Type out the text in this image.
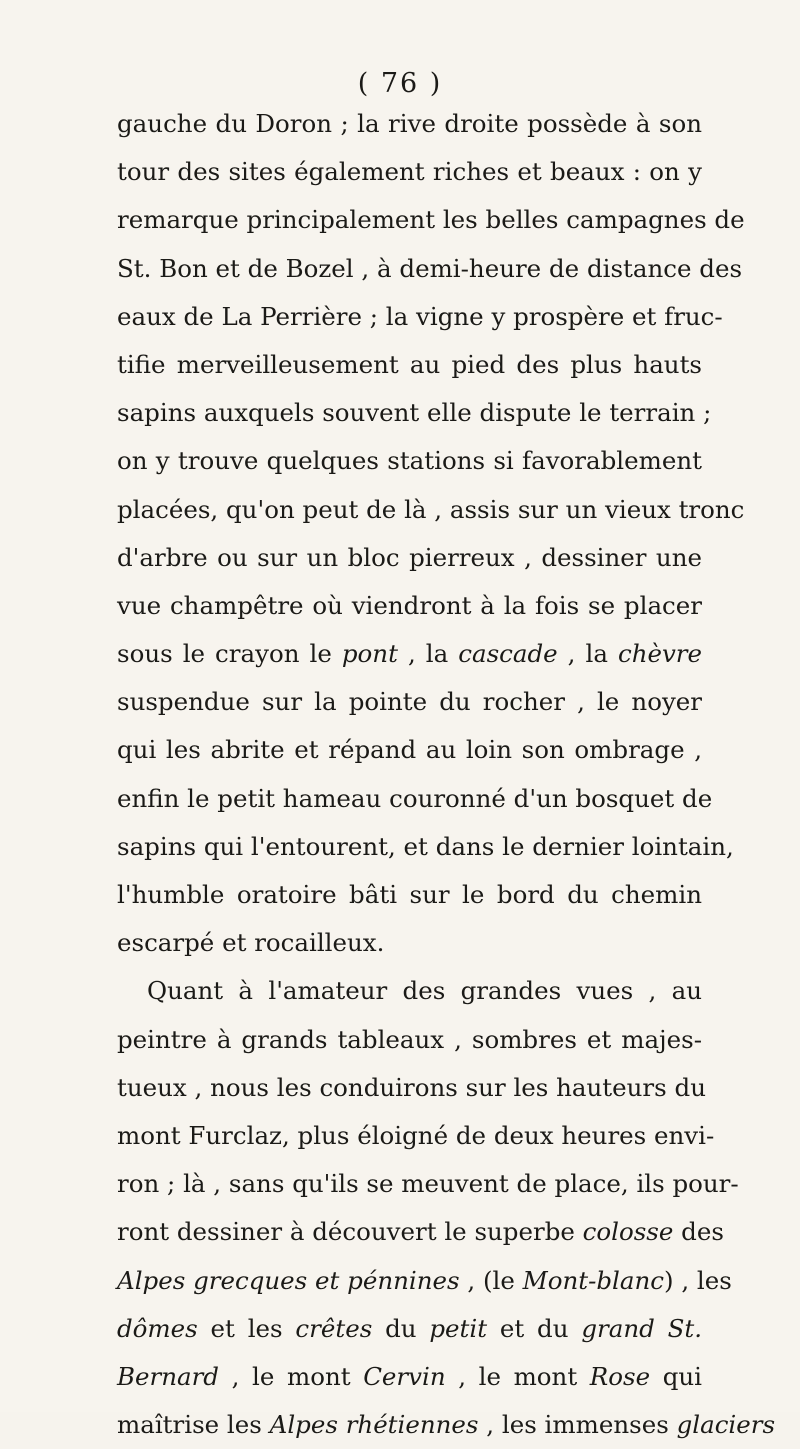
( 76 )
gauche du Doron ; la rive droite possède à son
tour des sites également riches et beaux : on y
remarque principalement les belles campagnes de
St. Bon et de Bozel , à demi-heure de distance des
eaux de La Perrière ; la vigne y prospère et fruc-
tifie merveilleusement au pied des plus hauts
sapins auxquels souvent elle dispute le terrain ;
on y trouve quelques stations si favorablement
placées, qu'on peut de là , assis sur un vieux tronc
d'arbre ou sur un bloc pierreux , dessiner une
vue champêtre où viendront à la fois se placer
sous le crayon le pont , la cascade , la chèvre
suspendue sur la pointe du rocher , le noyer
qui les abrite et répand au loin son ombrage ,
enfin le petit hameau couronné d'un bosquet de
sapins qui l'entourent, et dans le dernier lointain,
l'humble oratoire bâti sur le bord du chemin
escarpé et rocailleux.
Quant à l'amateur des grandes vues , au
peintre à grands tableaux , sombres et majes-
tueux , nous les conduirons sur les hauteurs du
mont Furclaz, plus éloigné de deux heures envi-
ron ; là , sans qu'ils se meuvent de place, ils pour-
ront dessiner à découvert le superbe colosse des
Alpes grecques et pénnines , (le Mont-blanc) , les
dômes et les crêtes du petit et du grand St.
Bernard , le mont Cervin , le mont Rose qui
maîtrise les Alpes rhétiennes , les immenses glaciers
